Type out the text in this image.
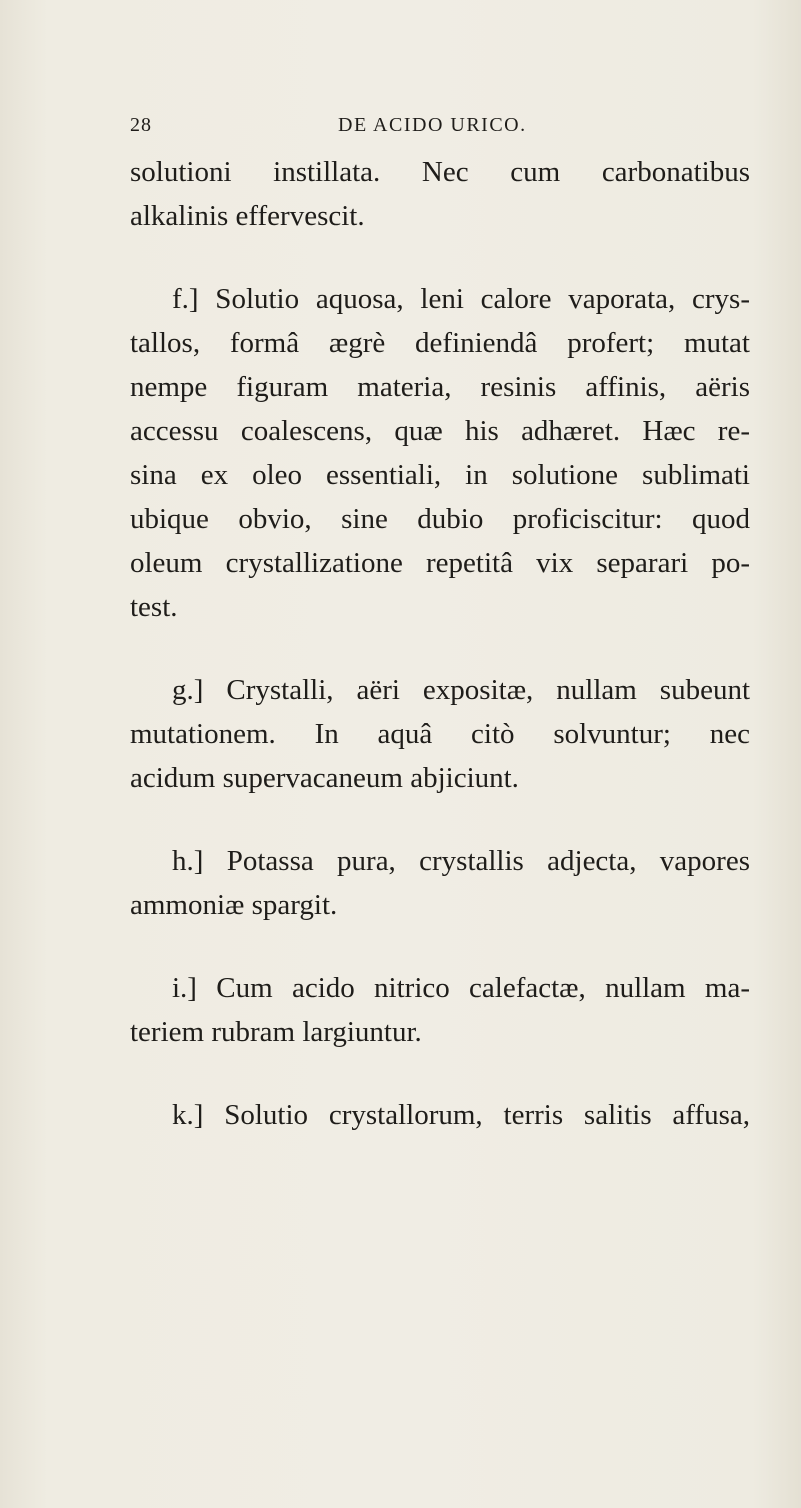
28	DE ACIDO URICO.
solutioni instillata. Nec cum carbonatibus
alkalinis effervescit.
f.] Solutio aquosa, leni calore vaporata, crys-
tallos, formâ ægrè definiendâ profert; mutat
nempe figuram materia, resinis affinis, aëris
accessu coalescens, quæ his adhæret. Hæc re-
sina ex oleo essentiali, in solutione sublimati
ubique obvio, sine dubio proficiscitur: quod
oleum crystallizatione repetitâ vix separari po-
test.
g.] Crystalli, aëri expositæ, nullam subeunt
mutationem. In aquâ citò solvuntur; nec
acidum supervacaneum abjiciunt.
h.] Potassa pura, crystallis adjecta, vapores
ammoniæ spargit.
i.] Cum acido nitrico calefactæ, nullam ma-
teriem rubram largiuntur.
k.] Solutio crystallorum, terris salitis affusa,
